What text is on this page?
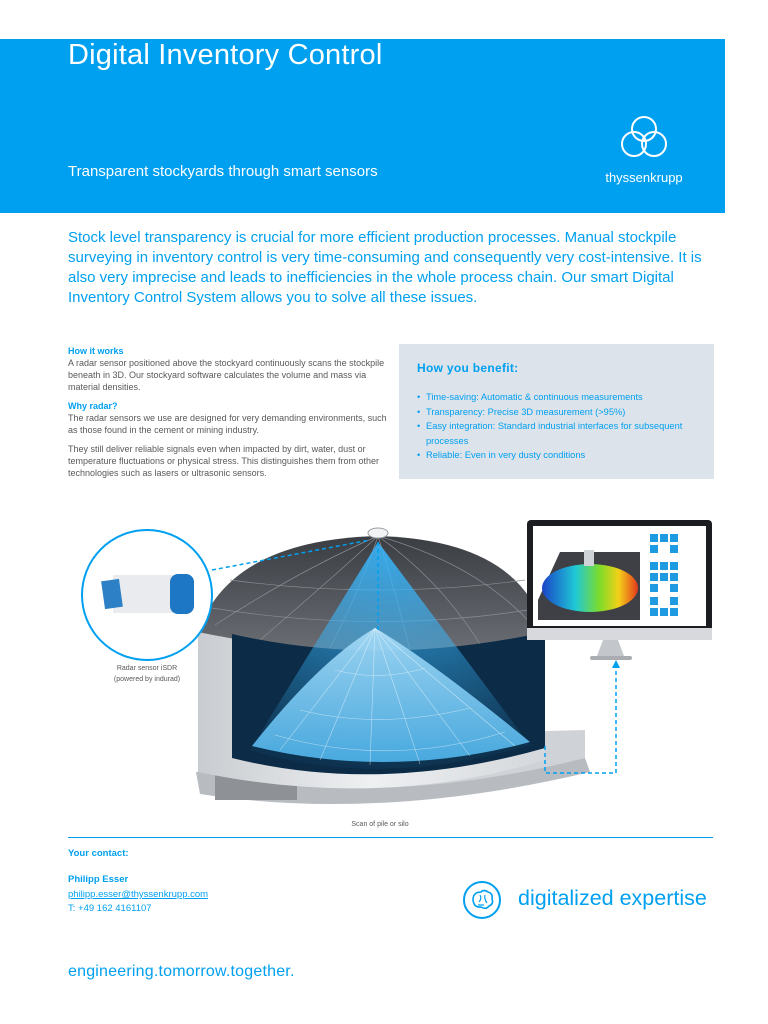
Digital Inventory Control
Transparent stockyards through smart sensors	thyssenkrupp
Stock level transparency is crucial for more efficient production processes. Manual stockpile surveying in inventory control is very time-consuming and consequently very cost-intensive. It is also very imprecise and leads to inefficiencies in the whole process chain. Our smart Digital Inventory Control System allows you to solve all these issues.
How it works

A radar sensor positioned above the stockyard continuously scans the stockpile beneath in 3D. Our stockyard software calculates the volume and mass via material densities.

Why radar?

The radar sensors we use are designed for very demanding environments, such as those found in the cement or mining industry.

They still deliver reliable signals even when impacted by dirt, water, dust or temperature fluctuations or physical stress. This distinguishes them from other technologies such as lasers or ultrasonic sensors.

How you benefit:
• Time-saving: Automatic & continuous measurements
• Transparency: Precise 3D measurement (>95%)
• Easy integration: Standard industrial interfaces for subsequent processes
• Reliable: Even in very dusty conditions
Radar sensor iSDR
(powered by indurad)
Scan of pile or silo
Your contact:
Philipp Esser
philipp.esser@thyssenkrupp.com
T: +49 162 4161107	digitalized expertise
engineering.tomorrow.together.
